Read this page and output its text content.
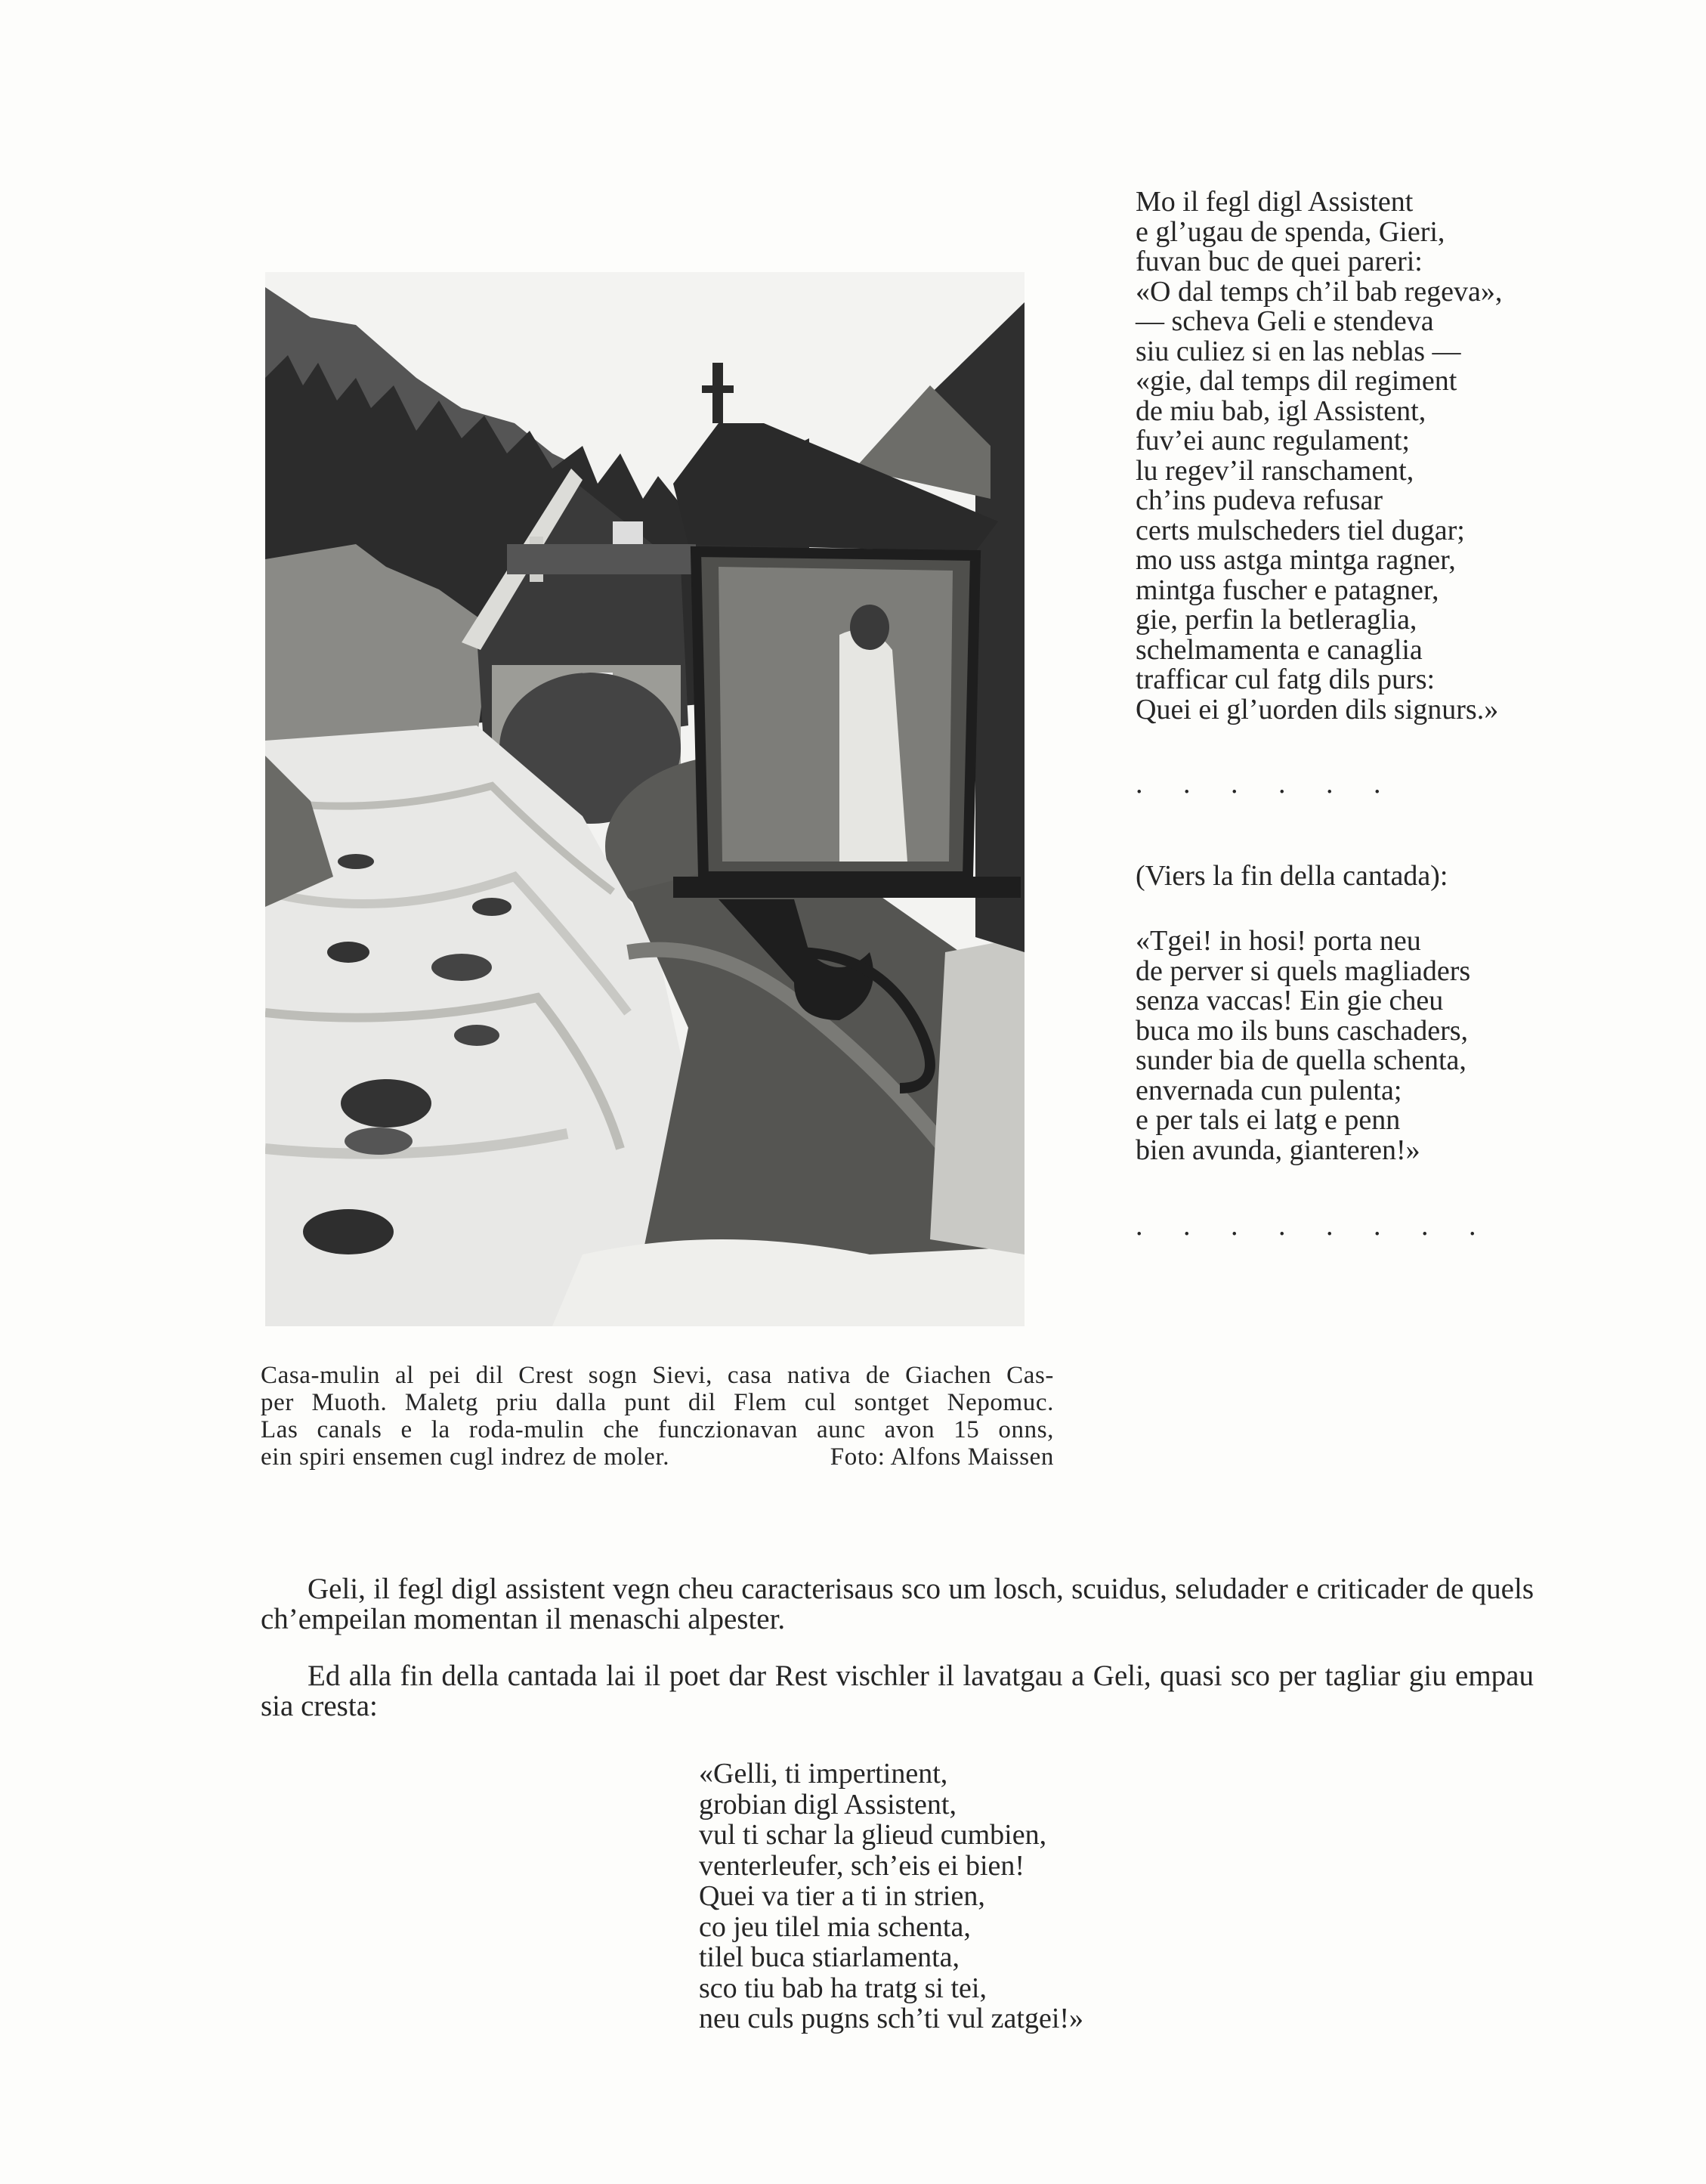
Mo il fegl digl Assistent
e gl’ugau de spenda, Gieri,
fuvan buc de quei pareri:
«O dal temps ch’il bab regeva»,
— scheva Geli e stendeva
siu culiez si en las neblas —
«gie, dal temps dil regiment
de miu bab, igl Assistent,
fuv’ei aunc regulament;
lu regev’il ranschament,
ch’ins pudeva refusar
certs mulscheders tiel dugar;
mo uss astga mintga ragner,
mintga fuscher e patagner,
gie, perfin la betleraglia,
schelmamenta e canaglia
trafficar cul fatg dils purs:
Quei ei gl’uorden dils signurs.»
. . . . . .
(Viers la fin della cantada):
«Tgei! in hosi! porta neu
de perver si quels magliaders
senza vaccas! Ein gie cheu
buca mo ils buns caschaders,
sunder bia de quella schenta,
envernada cun pulenta;
e per tals ei latg e penn
bien avunda, gianteren!»
. . . . . . . .
Casa-mulin al pei dil Crest sogn Sievi, casa nativa de Giachen Cas-
per Muoth. Maletg priu dalla punt dil Flem cul sontget Nepomuc.
Las canals e la roda-mulin che funczionavan aunc avon 15 onns,
ein spiri ensemen cugl indrez de moler.	Foto: Alfons Maissen
Geli, il fegl digl assistent vegn cheu caracterisaus sco um losch, scuidus, seludader e criticader de quels ch’empeilan momentan il menaschi alpester.
Ed alla fin della cantada lai il poet dar Rest vischler il lavatgau a Geli, quasi sco per tagliar giu empau sia cresta:
«Gelli, ti impertinent,
grobian digl Assistent,
vul ti schar la glieud cumbien,
venterleufer, sch’eis ei bien!
Quei va tier a ti in strien,
co jeu tilel mia schenta,
tilel buca stiarlamenta,
sco tiu bab ha tratg si tei,
neu culs pugns sch’ti vul zatgei!»
